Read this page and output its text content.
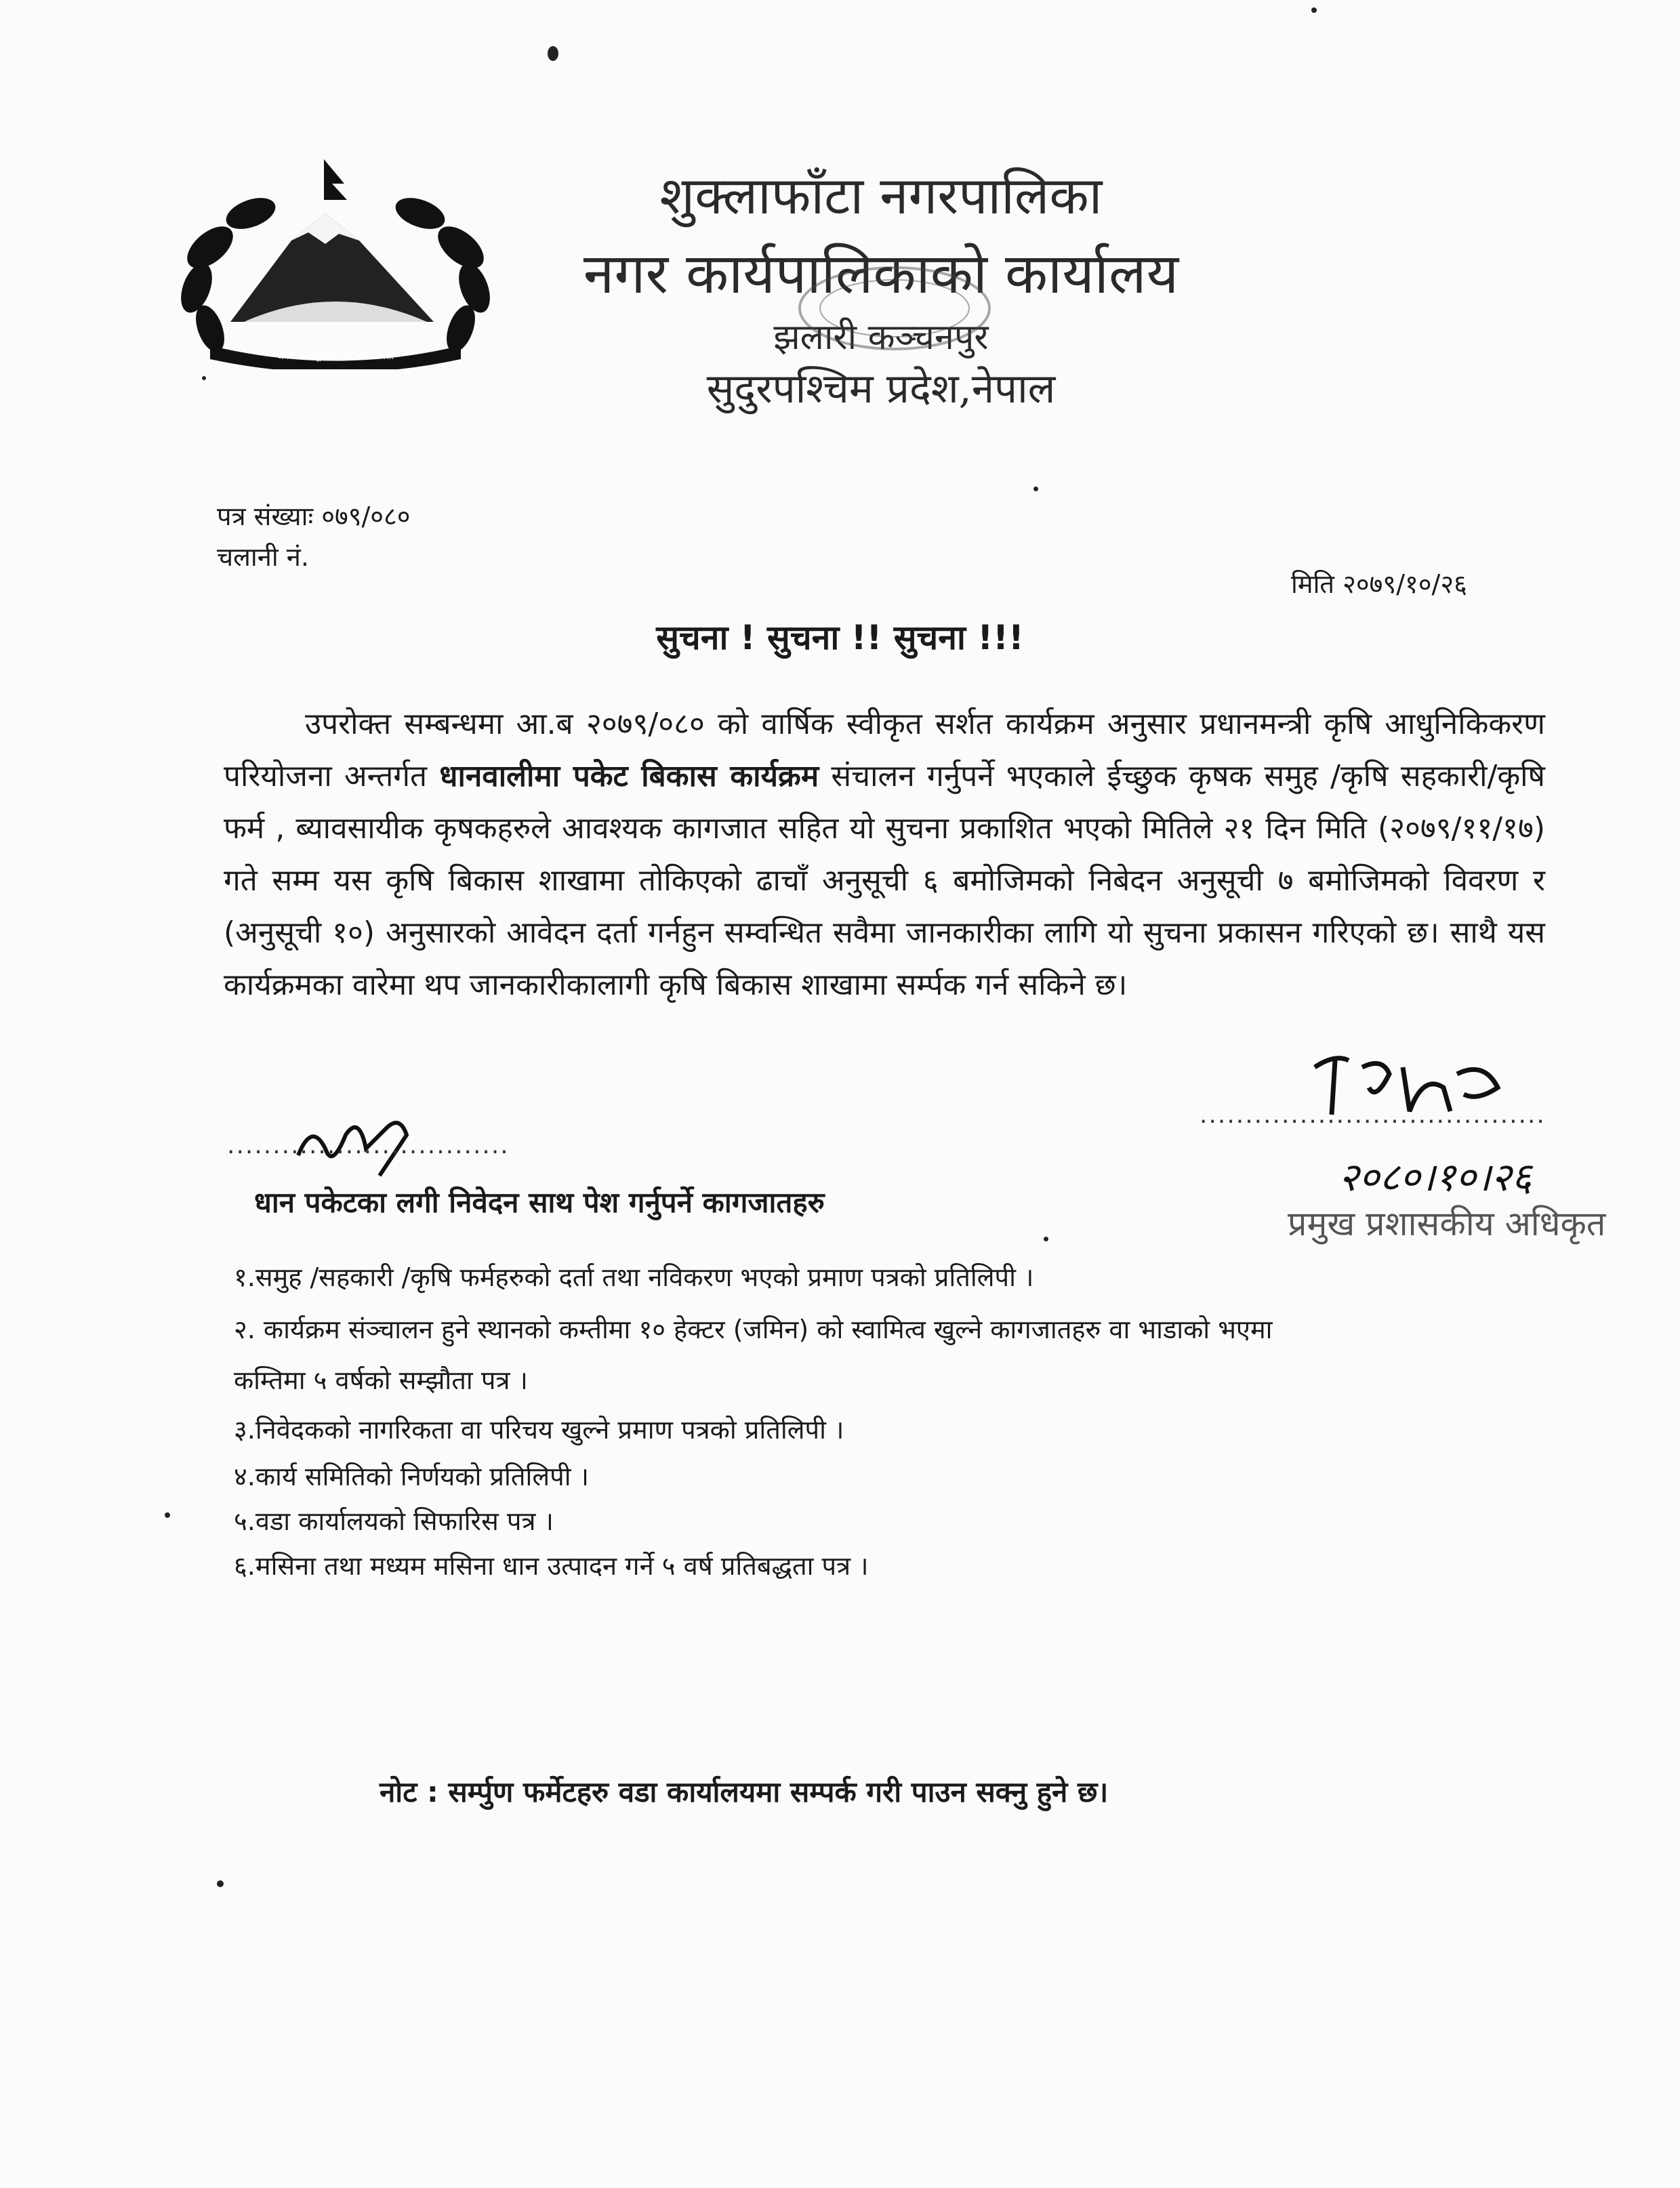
जननी जन्मभूमिश्च स्वर्गादपि गरीयसी
शुक्लाफाँटा नगरपालिका
नगर कार्यपालिकाको कार्यालय
झलारी कञ्चनपुर
सुदुरपश्चिम प्रदेश,नेपाल
पत्र संख्याः ०७९/०८०
चलानी नं.
मिति २०७९/१०/२६
सुचना ! सुचना !! सुचना !!!
उपरोक्त सम्बन्धमा आ.ब २०७९/०८० को वार्षिक स्वीकृत सर्शत कार्यक्रम अनुसार प्रधानमन्त्री कृषि आधुनिकिकरण परियोजना अन्तर्गत धानवालीमा पकेट बिकास कार्यक्रम संचालन गर्नुपर्ने भएकाले ईच्छुक कृषक समुह /कृषि सहकारी/कृषि फर्म , ब्यावसायीक कृषकहरुले आवश्यक कागजात सहित यो सुचना प्रकाशित भएको मितिले २१ दिन मिति (२०७९/११/१७) गते सम्म यस कृषि बिकास शाखामा तोकिएको ढाचाँ अनुसूची ६ बमोजिमको निबेदन अनुसूची ७ बमोजिमको विवरण र (अनुसूची १०) अनुसारको आवेदन दर्ता गर्नहुन सम्वन्धित सवैमा जानकारीका लागि यो सुचना प्रकासन गरिएको छ। साथै यस कार्यक्रमका वारेमा थप जानकारीकालागी कृषि बिकास शाखामा सर्म्पक गर्न सकिने छ।
...............................
......................................
२०८०।१०।२६
प्रमुख प्रशासकीय अधिकृत
धान पकेटका लगी निवेदन साथ पेश गर्नुपर्ने कागजातहरु
१.समुह /सहकारी /कृषि फर्महरुको दर्ता तथा नविकरण भएको प्रमाण पत्रको प्रतिलिपी ।
२. कार्यक्रम संञ्चालन हुने स्थानको कम्तीमा १० हेक्टर (जमिन) को स्वामित्व खुल्ने कागजातहरु वा भाडाको भएमा
कम्तिमा ५ वर्षको सम्झौता पत्र ।
३.निवेदकको नागरिकता वा परिचय खुल्ने प्रमाण पत्रको प्रतिलिपी ।
४.कार्य समितिको निर्णयको प्रतिलिपी ।
५.वडा कार्यालयको सिफारिस पत्र ।
६.मसिना तथा मध्यम मसिना धान उत्पादन गर्ने ५ वर्ष प्रतिबद्धता पत्र ।
नोट : सर्म्पुण फर्मेटहरु वडा कार्यालयमा सम्पर्क गरी पाउन सक्नु हुने छ।
